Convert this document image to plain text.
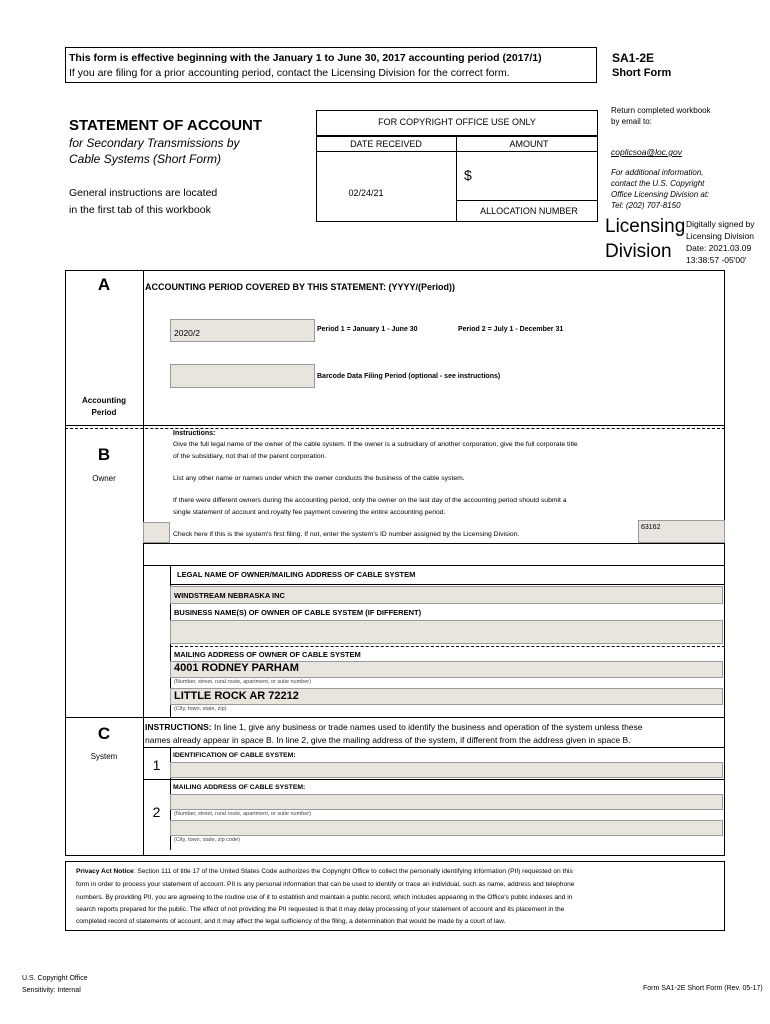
This form is effective beginning with the January 1 to June 30, 2017 accounting period (2017/1)
If you are filing for a prior accounting period, contact the Licensing Division for the correct form.
SA1-2E
Short Form
STATEMENT OF ACCOUNT
for Secondary Transmissions by
Cable Systems (Short Form)
General instructions are located
in the first tab of this workbook
FOR COPYRIGHT OFFICE USE ONLY
DATE RECEIVED	AMOUNT
02/24/21
$
ALLOCATION NUMBER
Return completed workbook
by email to:
coplicsoa@loc.gov
For additional information,
contact the U.S. Copyright
Office Licensing Division at:
Tel: (202) 707-8150
Licensing
Division
Digitally signed by
Licensing Division
Date: 2021.03.09
13:38:57 -05'00'
A
Accounting
Period
ACCOUNTING PERIOD COVERED BY THIS STATEMENT: (YYYY/(Period))
2020/2	Period 1 = January 1 - June 30	Period 2 = July 1 - December 31
Barcode Data Filing Period (optional - see instructions)
B
Owner
Instructions:
Give the full legal name of the owner of the cable system. If the owner is a subsidiary of another corporation, give the full corporate title
of the subsidiary, not that of the parent corporation.
List any other name or names under which the owner conducts the business of the cable system.
If there were different owners during the accounting period, only the owner on the last day of the accounting period should submit a
single statement of account and royalty fee payment covering the entire accounting period.
Check here if this is the system's first filing. If not, enter the system's ID number assigned by the Licensing Division.
63162
LEGAL NAME OF OWNER/MAILING ADDRESS OF CABLE SYSTEM
WINDSTREAM NEBRASKA INC
BUSINESS NAME(S) OF OWNER OF CABLE SYSTEM (IF DIFFERENT)
MAILING ADDRESS OF OWNER OF CABLE SYSTEM
4001 RODNEY PARHAM
(Number, street, rural route, apartment, or suite number)
LITTLE ROCK AR 72212
(City, town, state, zip)
C
System
INSTRUCTIONS: In line 1, give any business or trade names used to identify the business and operation of the system unless these
names already appear in space B. In line 2, give the mailing address of the system, if different from the address given in space B.
1
IDENTIFICATION OF CABLE SYSTEM:
2
MAILING ADDRESS OF CABLE SYSTEM:
(Number, street, rural route, apartment, or suite number)
(City, town, state, zip code)
Privacy Act Notice: Section 111 of title 17 of the United States Code authorizes the Copyright Office to collect the personally identifying information (PII) requested on this
form in order to process your statement of account. PII is any personal information that can be used to identify or trace an individual, such as name, address and telephone
numbers. By providing PII, you are agreeing to the routine use of it to establish and maintain a public record, which includes appearing in the Office's public indexes and in
search reports prepared for the public. The effect of not providing the PII requested is that it may delay processing of your statement of account and its placement in the
completed record of statements of account, and it may affect the legal sufficiency of the filing, a determination that would be made by a court of law.
U.S. Copyright Office
Sensitivity: Internal	Form SA1-2E Short Form (Rev. 05-17)
